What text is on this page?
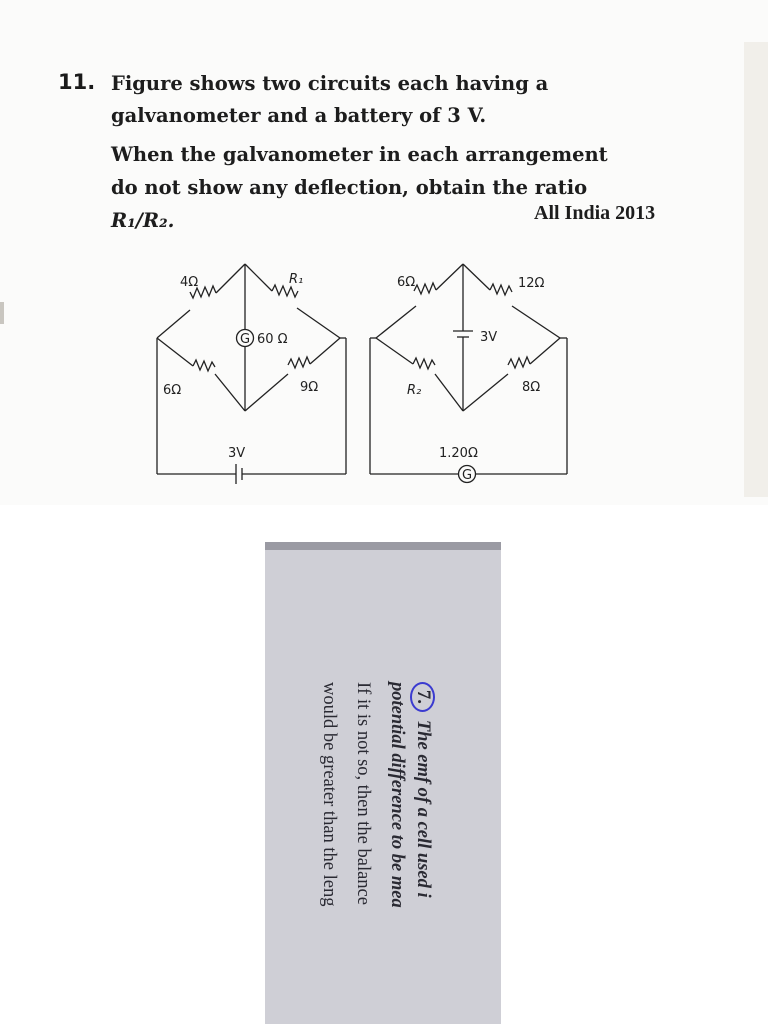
11. Figure shows two circuits each having a
galvanometer and a battery of 3 V.
When the galvanometer in each arrangement
do not show any deflection, obtain the ratio
R₁/R₂.	All India 2013
4Ω	R₁
6Ω	9Ω
G 60 Ω
3V
6Ω	12Ω
R₂	8Ω
3V
1.20Ω
G
7.The emf of a cell used i
potential difference to be mea
If it is not so, then the balance
would be greater than the leng
